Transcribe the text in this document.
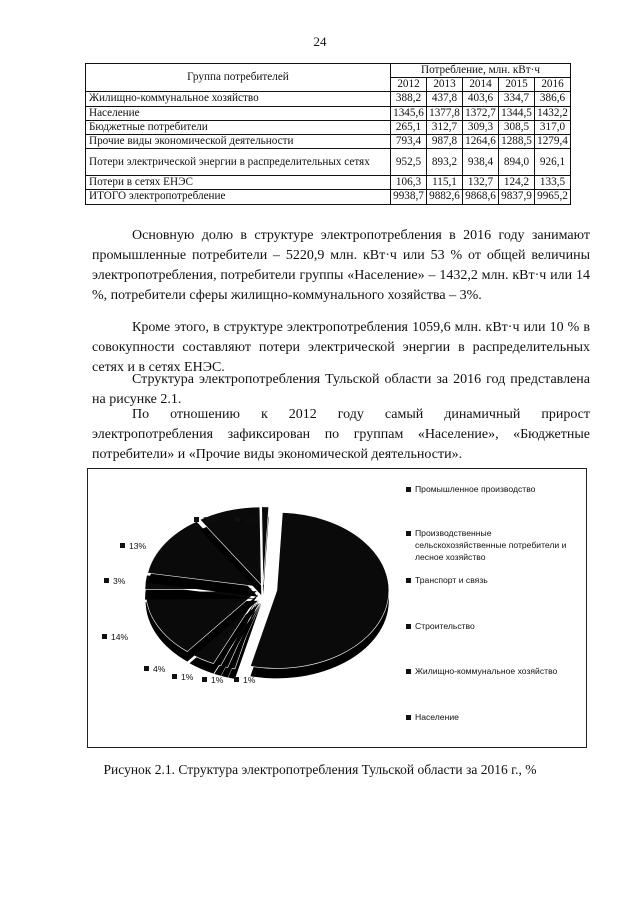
24
Группа потребителей	Потребление, млн. кВт·ч				
	2012	2013	2014	2015	2016
Жилищно-коммунальное хозяйство	388,2	437,8	403,6	334,7	386,6
Население	1345,6	1377,8	1372,7	1344,5	1432,2
Бюджетные потребители	265,1	312,7	309,3	308,5	317,0
Прочие виды экономической деятельности	793,4	987,8	1264,6	1288,5	1279,4
Потери электрической энергии в распределительных сетях	952,5	893,2	938,4	894,0	926,1
Потери в сетях ЕНЭС	106,3	115,1	132,7	124,2	133,5
ИТОГО электропотребление	9938,7	9882,6	9868,6	9837,9	9965,2

Основную долю в структуре электропотребления в 2016 году занимают промышленные потребители – 5220,9 млн. кВт·ч или 53 % от общей величины электропотребления, потребители группы «Население» – 1432,2 млн. кВт·ч или 14 %, потребители сферы жилищно-коммунального хозяйства – 3%.

Кроме этого, в структуре электропотребления 1059,6 млн. кВт·ч или 10 % в совокупности составляют потери электрической энергии в распределительных сетях и в сетях ЕНЭС.

Структура электропотребления Тульской области за 2016 год представлена на рисунке 2.1.

По отношению к 2012 году самый динамичный прирост электропотребления зафиксирован по группам «Население», «Бюджетные потребители» и «Прочие виды экономической деятельности».

9%	1%
13%
3%
14%
4%
1%	1%	1%
Промышленное производство
Производственные сельскохозяйственные потребители и лесное хозяйство
Транспорт и связь
Строительство
Жилищно-коммунальное хозяйство
Население
Рисунок 2.1. Структура электропотребления Тульской области за 2016 г., %
